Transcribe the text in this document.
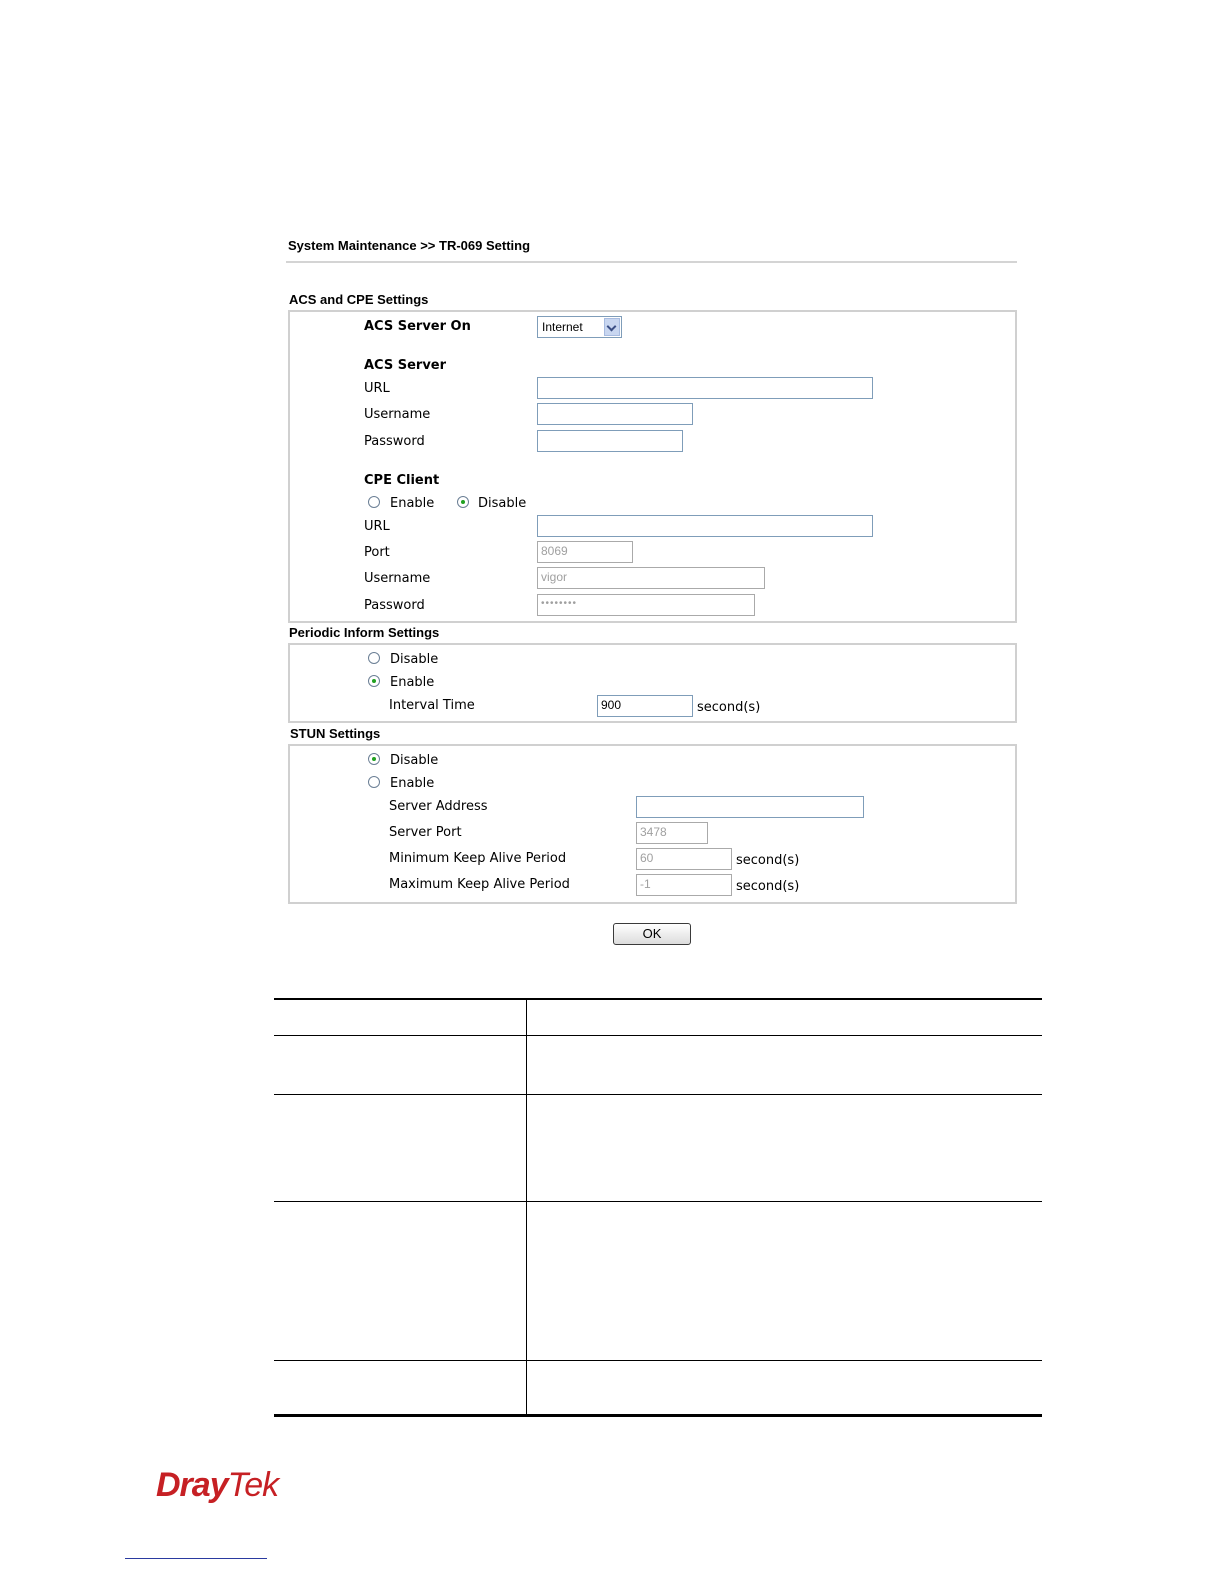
System Maintenance >> TR-069 Setting
ACS and CPE Settings
ACS Server On	Internet
ACS Server
URL
Username
Password
CPE Client
Enable	Disable
URL
Port	8069
Username	vigor
Password	••••••••
Periodic Inform Settings
Disable
Enable
Interval Time	900	second(s)
STUN Settings
Disable
Enable
Server Address
Server Port	3478
Minimum Keep Alive Period	60	second(s)
Maximum Keep Alive Period	-1	second(s)
OK
DrayTek
